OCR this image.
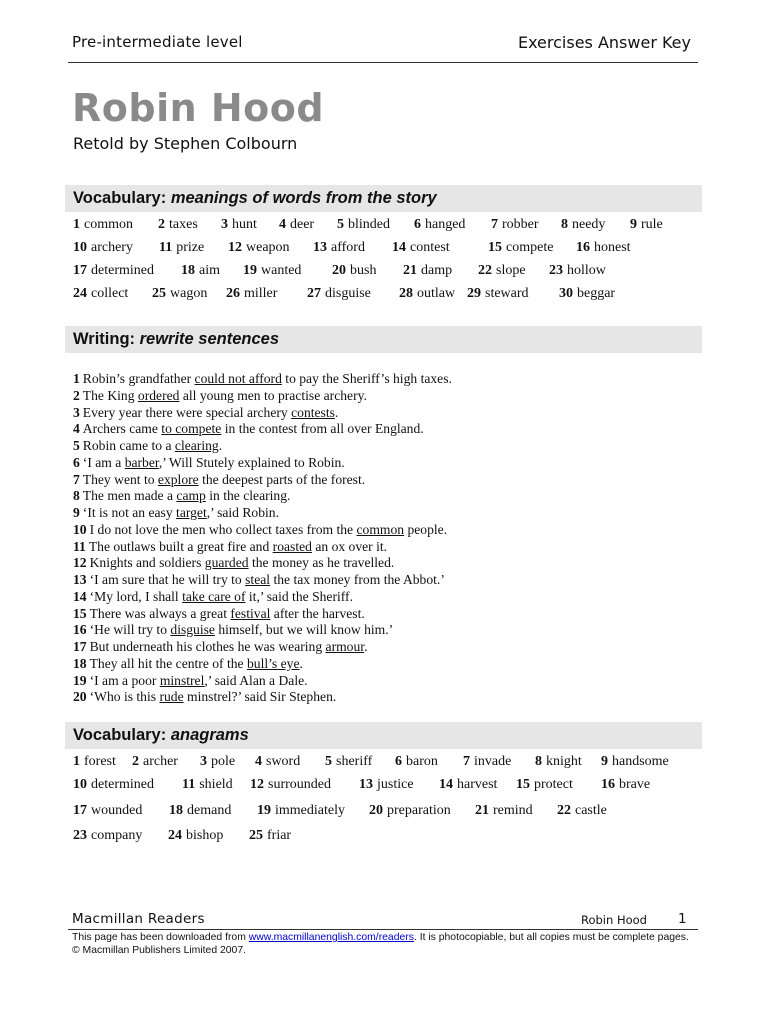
Pre-intermediate level	Exercises Answer Key
Robin Hood
Retold by Stephen Colbourn
Vocabulary: meanings of words from the story
1 common 2 taxes 3 hunt 4 deer 5 blinded 6 hanged 7 robber 8 needy 9 rule
10 archery 11 prize 12 weapon 13 afford 14 contest	15 compete 16 honest
17 determined 18 aim 19 wanted 20 bush 21 damp 22 slope 23 hollow
24 collect 25 wagon 26 miller 27 disguise 28 outlaw 29 steward 30 beggar
Writing: rewrite sentences
1 Robin’s grandfather could not afford to pay the Sheriff’s high taxes.
2 The King ordered all young men to practise archery.
3 Every year there were special archery contests.
4 Archers came to compete in the contest from all over England.
5 Robin came to a clearing.
6 ‘I am a barber,’ Will Stutely explained to Robin.
7 They went to explore the deepest parts of the forest.
8 The men made a camp in the clearing.
9 ‘It is not an easy target,’ said Robin.
10 I do not love the men who collect taxes from the common people.
11 The outlaws built a great fire and roasted an ox over it.
12 Knights and soldiers guarded the money as he travelled.
13 ‘I am sure that he will try to steal the tax money from the Abbot.’
14 ‘My lord, I shall take care of it,’ said the Sheriff.
15 There was always a great festival after the harvest.
16 ‘He will try to disguise himself, but we will know him.’
17 But underneath his clothes he was wearing armour.
18 They all hit the centre of the bull’s eye.
19 ‘I am a poor minstrel,’ said Alan a Dale.
20 ‘Who is this rude minstrel?’ said Sir Stephen.
Vocabulary: anagrams
1 forest 2 archer 3 pole 4 sword 5 sheriff 6 baron 7 invade 8 knight 9 handsome
10 determined 11 shield 12 surrounded 13 justice 14 harvest 15 protect 16 brave
17 wounded 18 demand 19 immediately 20 preparation 21 remind 22 castle
23 company 24 bishop 25 friar
Macmillan Readers	Robin Hood 1
This page has been downloaded from www.macmillanenglish.com/readers. It is photocopiable, but all copies must be complete pages. © Macmillan Publishers Limited 2007.
